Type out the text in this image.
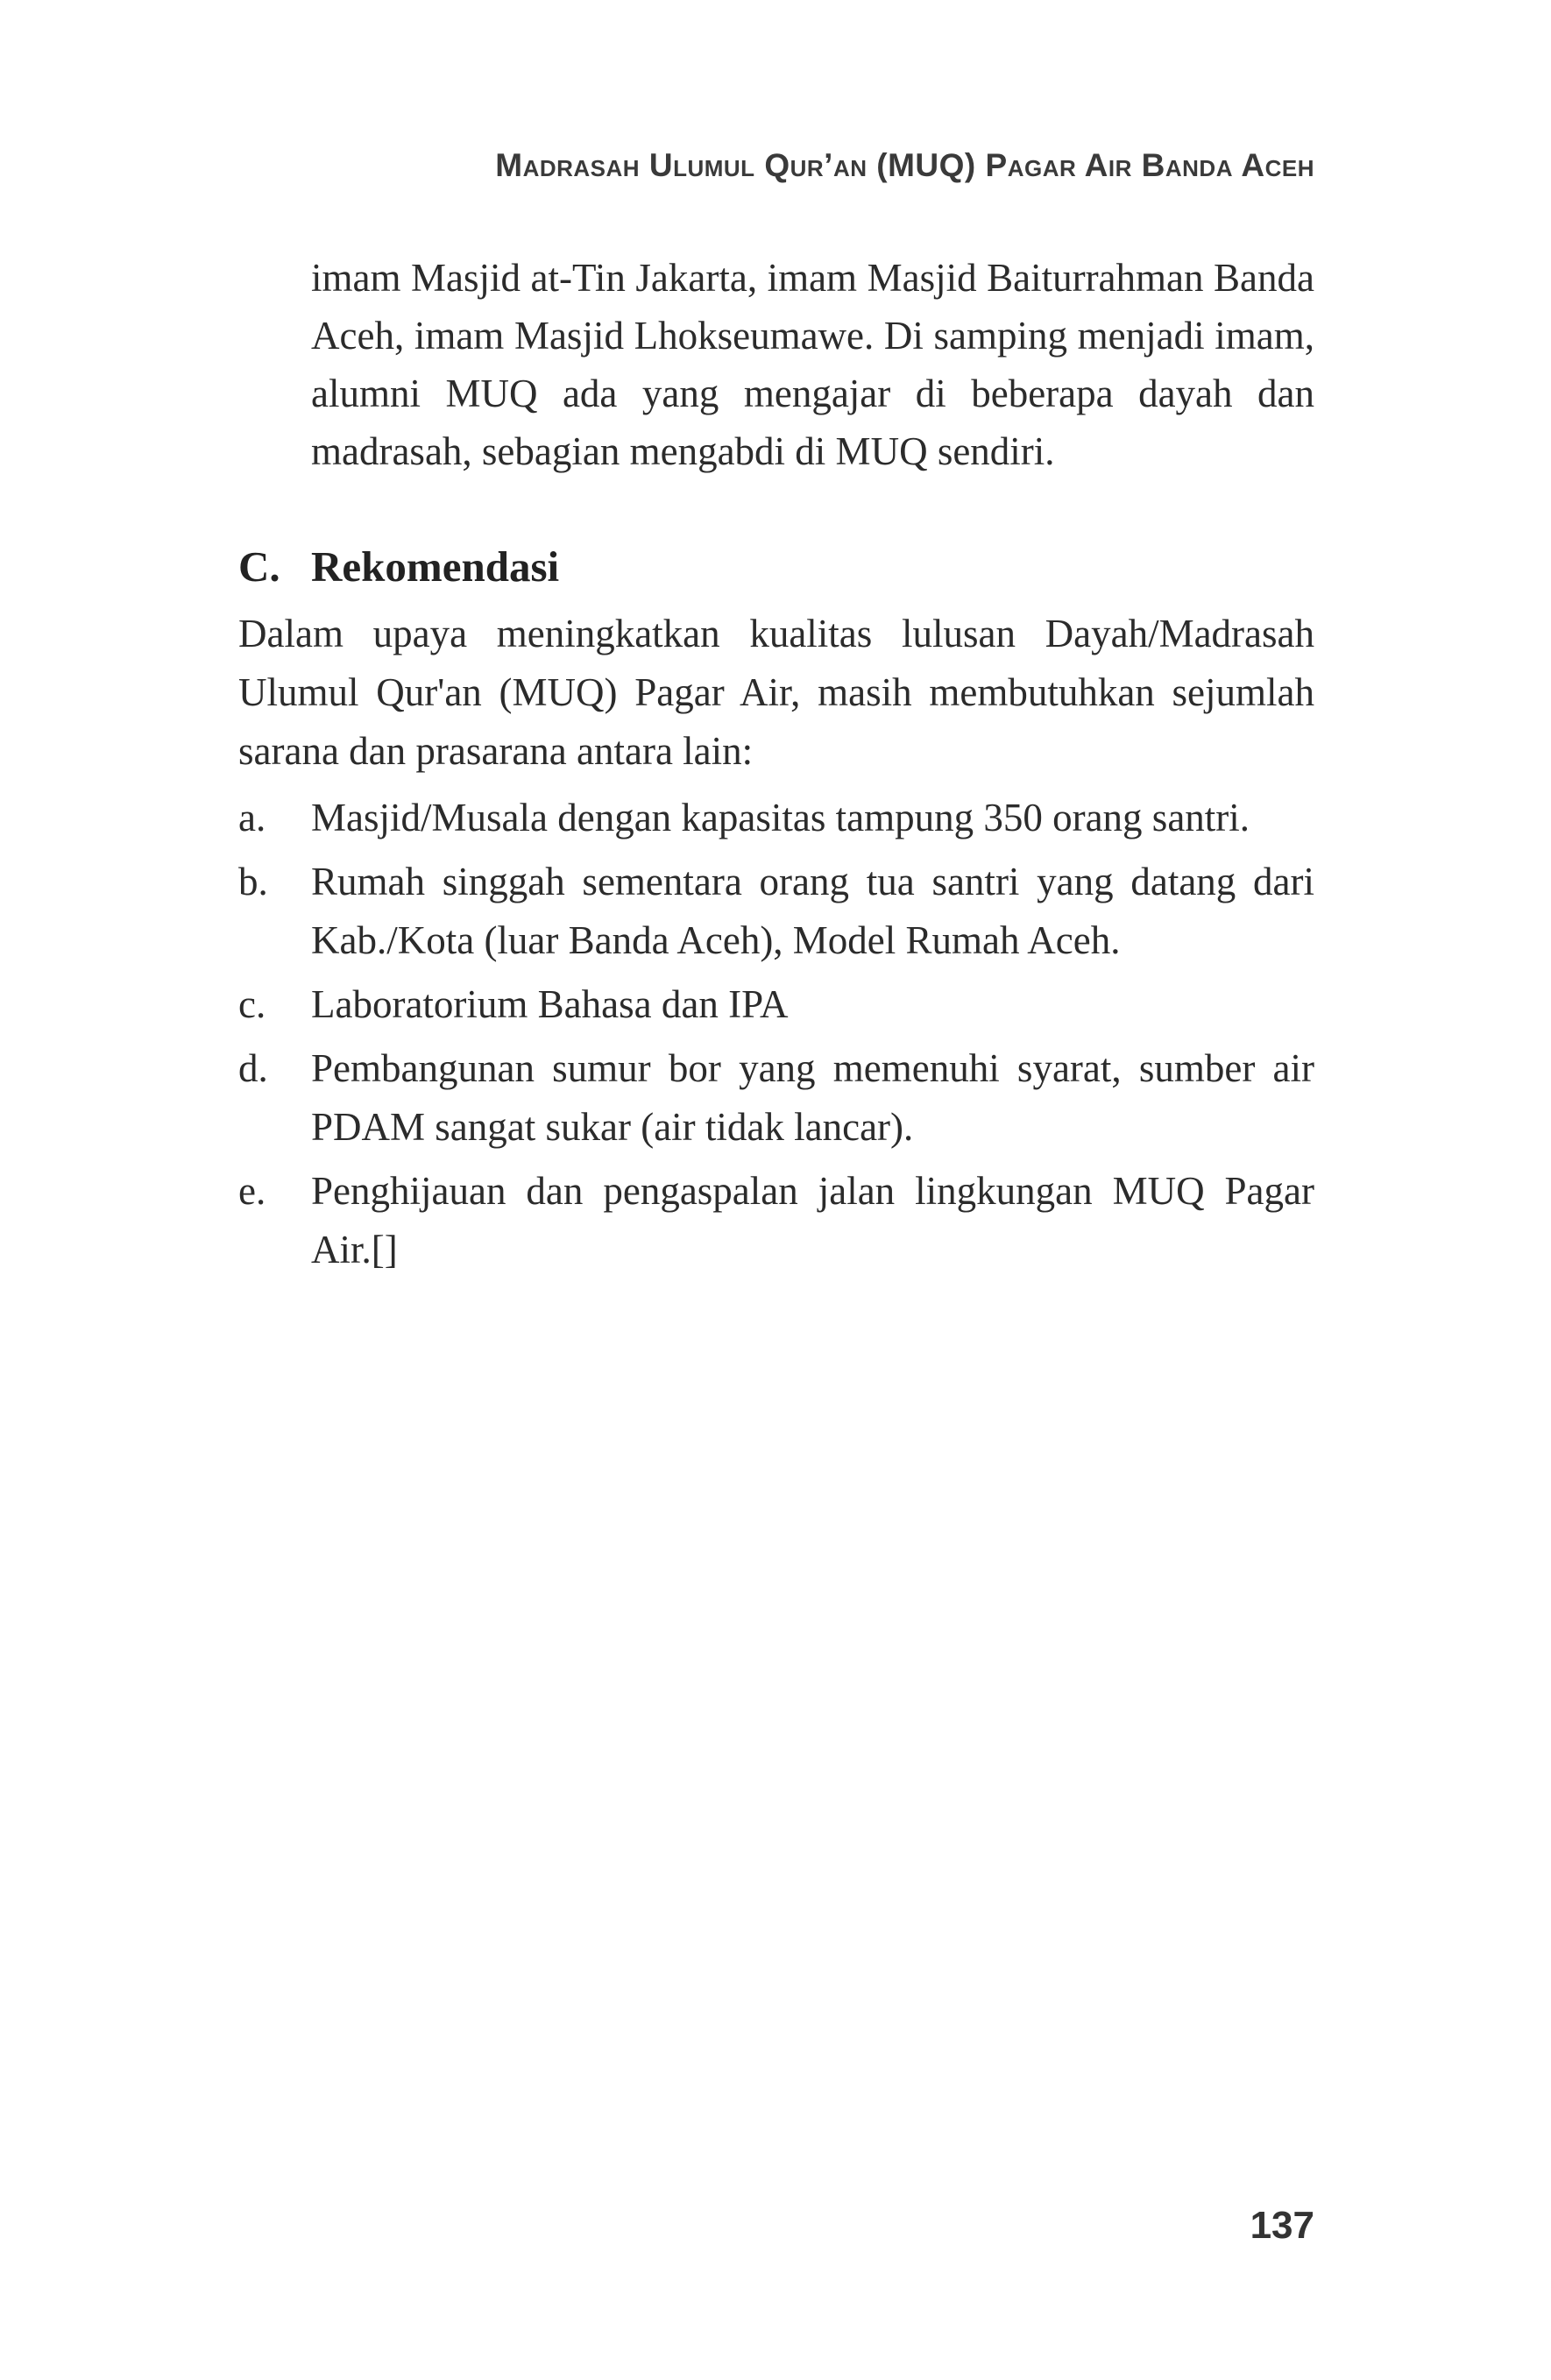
Madrasah Ulumul Qur’an (MUQ) Pagar Air Banda Aceh

imam Masjid at-Tin Jakarta, imam Masjid Baiturrahman Banda Aceh, imam Masjid Lhokseumawe. Di samping menjadi imam, alumni MUQ ada yang mengajar di beberapa dayah dan madrasah, sebagian mengabdi di MUQ sendiri.

C. Rekomendasi

Dalam upaya meningkatkan kualitas lulusan Dayah/Madrasah Ulumul Qur'an (MUQ) Pagar Air, masih membutuhkan sejumlah sarana dan prasarana antara lain:

a.	Masjid/Musala dengan kapasitas tampung 350 orang santri.
b.	Rumah singgah sementara orang tua santri yang datang dari Kab./Kota (luar Banda Aceh), Model Rumah Aceh.
c.	Laboratorium Bahasa dan IPA
d.	Pembangunan sumur bor yang memenuhi syarat, sumber air PDAM sangat sukar (air tidak lancar).
e.	Penghijauan dan pengaspalan jalan lingkungan MUQ Pagar Air.[]
137
